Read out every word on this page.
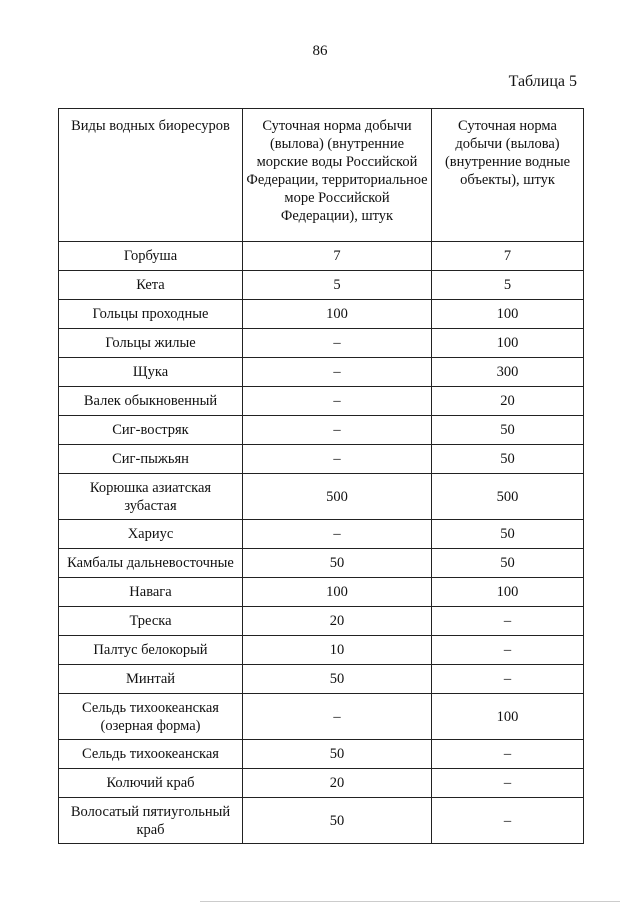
86
Таблица 5
Виды водных биоресуров	Суточная норма добычи (вылова) (внутренние морские воды Российской Федерации, территориальное море Российской Федерации), штук	Суточная норма добычи (вылова) (внутренние водные объекты), штук
Горбуша	7	7
Кета	5	5
Гольцы проходные	100	100
Гольцы жилые	–	100
Щука	–	300
Валек обыкновенный	–	20
Сиг-востряк	–	50
Сиг-пыжьян	–	50
Корюшка азиатская зубастая	500	500
Хариус	–	50
Камбалы дальневосточные	50	50
Навага	100	100
Треска	20	–
Палтус белокорый	10	–
Минтай	50	–
Сельдь тихоокеанская (озерная форма)	–	100
Сельдь тихоокеанская	50	–
Колючий краб	20	–
Волосатый пятиугольный краб	50	–
